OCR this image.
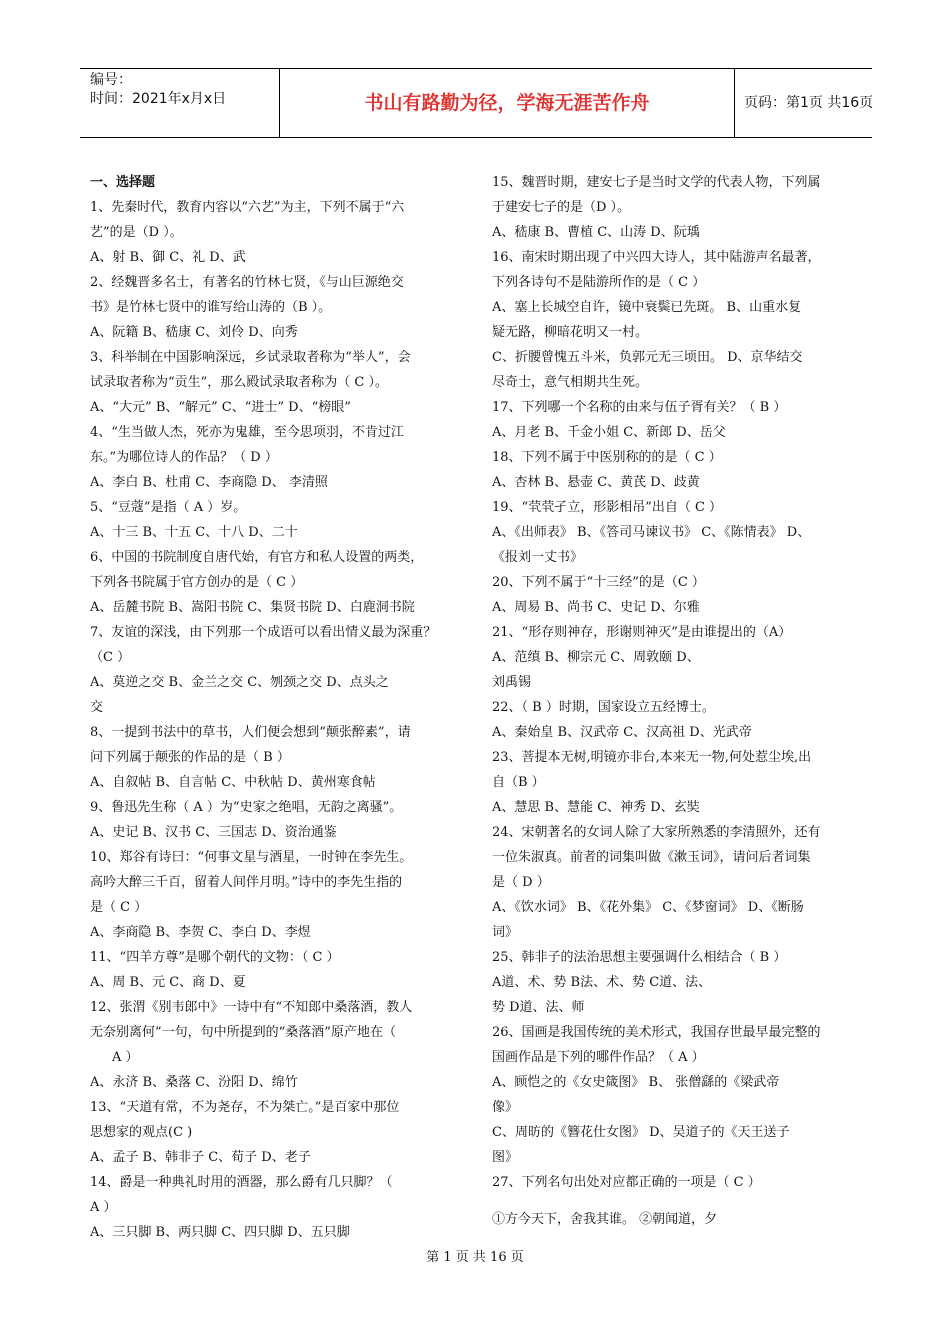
编号：
时间：2021年x月x日	书山有路勤为径，学海无涯苦作舟	页码：第1页 共16页
一、选择题
1、先秦时代，教育内容以“六艺”为主，下列不属于“六
艺”的是（D ）。
A、射 B、御 C、礼 D、武
2、经魏晋多名士，有著名的竹林七贤，《与山巨源绝交
书》是竹林七贤中的谁写给山涛的（B ）。
A、阮籍 B、嵇康 C、刘伶 D、向秀
3、科举制在中国影响深远，乡试录取者称为“举人”，会
试录取者称为“贡生”，那么殿试录取者称为（ C ）。
A、“大元” B、“解元” C、“进士” D、“榜眼”
4、“生当做人杰，死亦为鬼雄，至今思项羽，不肯过江
东。”为哪位诗人的作品？（ D ）
A、李白 B、杜甫 C、李商隐 D、 李清照
5、“豆蔻”是指（ A ）岁。
A、十三 B、十五 C、十八 D、二十
6、中国的书院制度自唐代始，有官方和私人设置的两类，
下列各书院属于官方创办的是（ C ）
A、岳麓书院 B、嵩阳书院 C、集贤书院 D、白鹿洞书院
7、友谊的深浅，由下列那一个成语可以看出情义最为深重？
（C ）
A、莫逆之交 B、金兰之交 C、刎颈之交 D、点头之
交
8、一提到书法中的草书，人们便会想到“颠张醉素”，请
问下列属于颠张的作品的是（ B ）
A、自叙帖 B、自言帖 C、中秋帖 D、黄州寒食帖
9、鲁迅先生称（ A ）为“史家之绝唱，无韵之离骚”。
A、史记 B、汉书 C、三国志 D、资治通鉴
10、郑谷有诗曰：“何事文星与酒星，一时钟在李先生。
高吟大醉三千百，留着人间伴月明。”诗中的李先生指的
是（ C ）
A、李商隐 B、李贺 C、李白 D、李煜
11、“四羊方尊”是哪个朝代的文物：（ C ）
A、周 B、元 C、商 D、夏
12、张渭《别韦郎中》一诗中有“不知郎中桑落酒，教人
无奈别离何”一句，句中所提到的“桑落酒”原产地在（
A ）
A、永济 B、桑落 C、汾阳 D、绵竹
13、“天道有常，不为尧存，不为桀亡。”是百家中那位
思想家的观点(C )
A、孟子 B、韩非子 C、荀子 D、老子
14、爵是一种典礼时用的酒器，那么爵有几只脚？（
A ）
A、三只脚 B、两只脚 C、四只脚 D、五只脚
15、魏晋时期，建安七子是当时文学的代表人物，下列属
于建安七子的是（D ）。
A、嵇康 B、曹植 C、山涛 D、阮瑀
16、南宋时期出现了中兴四大诗人，其中陆游声名最著，
下列各诗句不是陆游所作的是（ C ）
A、塞上长城空自许，镜中衰鬓已先斑。 B、山重水复
疑无路，柳暗花明又一村。
C、折腰曾愧五斗米，负郭元无三顷田。 D、京华结交
尽奇士，意气相期共生死。
17、下列哪一个名称的由来与伍子胥有关？（ B ）
A、月老 B、千金小姐 C、新郎 D、岳父
18、下列不属于中医别称的的是（ C ）
A、杏林 B、悬壶 C、黄芪 D、歧黄
19、“茕茕孑立，形影相吊”出自（ C ）
A、《出师表》 B、《答司马谏议书》 C、《陈情表》 D、
《报刘一丈书》
20、下列不属于“十三经”的是（C ）
A、周易 B、尚书 C、史记 D、尔雅
21、“形存则神存，形谢则神灭”是由谁提出的（A）
A、范缜 B、柳宗元 C、周敦颐 D、
刘禹锡
22、（ B ）时期，国家设立五经博士。
A、秦始皇 B、汉武帝 C、汉高祖 D、光武帝
23、菩提本无树,明镜亦非台,本来无一物,何处惹尘埃,出
自（B ）
A、慧思 B、慧能 C、神秀 D、玄奘
24、宋朝著名的女词人除了大家所熟悉的李清照外，还有
一位朱淑真。前者的词集叫做《漱玉词》，请问后者词集
是（ D ）
A、《饮水词》 B、《花外集》 C、《梦窗词》 D、《断肠
词》
25、韩非子的法治思想主要强调什么相结合（ B ）
A道、术、势 B法、术、势 C道、法、
势 D道、法、师
26、国画是我国传统的美术形式，我国存世最早最完整的
国画作品是下列的哪件作品？（ A ）
A、顾恺之的《女史箴图》 B、 张僧繇的《梁武帝
像》
C、周昉的《簪花仕女图》 D、吴道子的《天王送子
图》
27、下列名句出处对应都正确的一项是（ C ）
①方今天下，舍我其谁。 ②朝闻道，夕
第 1 页 共 16 页
